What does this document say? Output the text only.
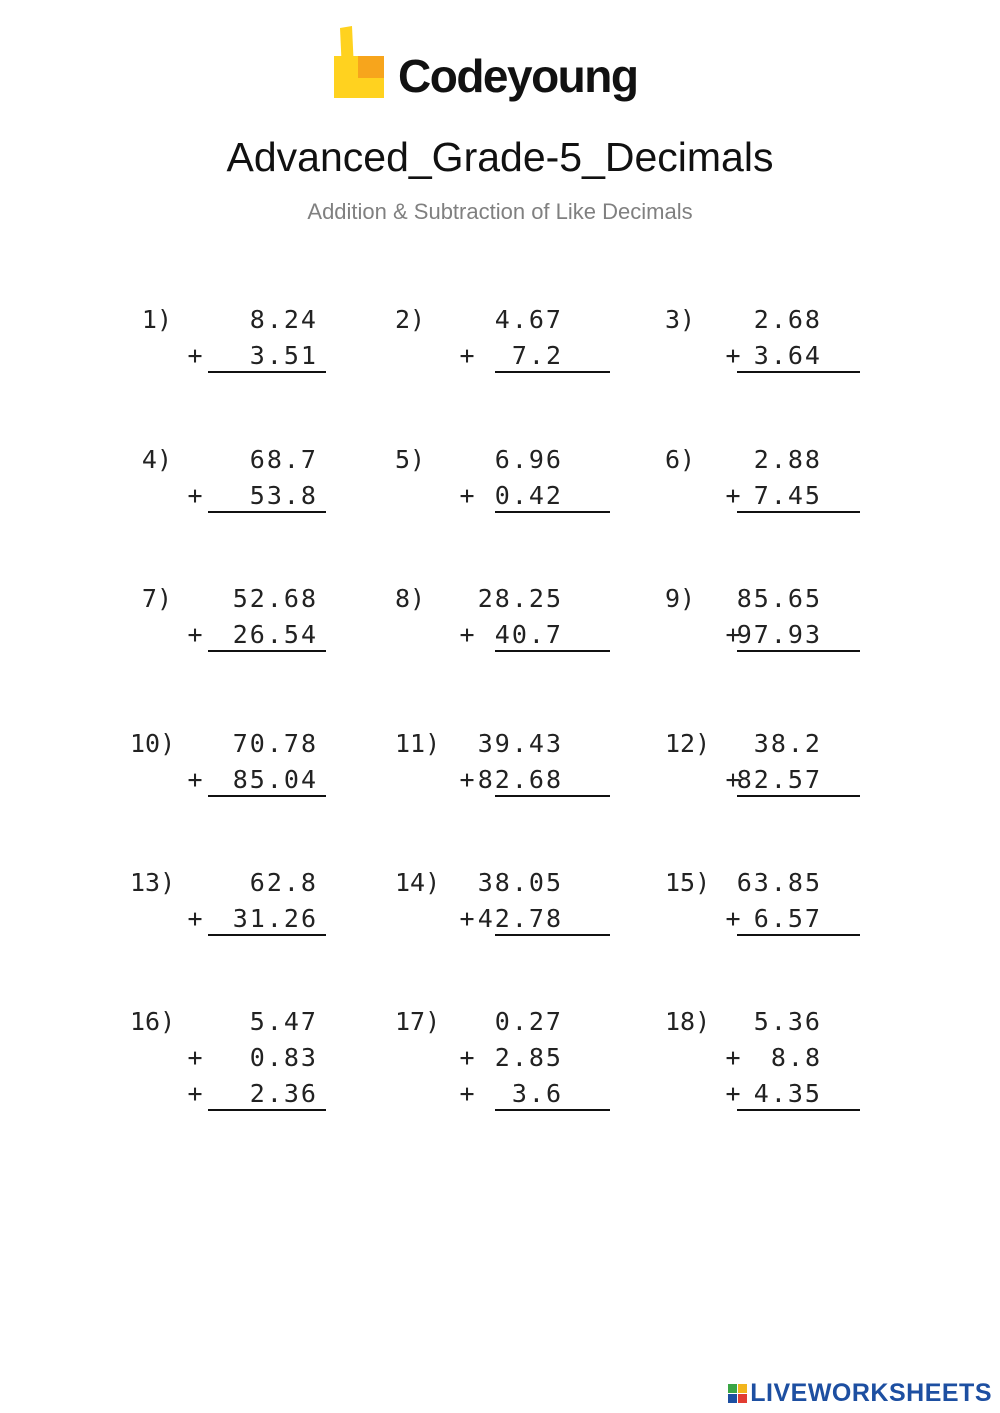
Codeyoung
Advanced_Grade-5_Decimals
Addition & Subtraction of Like Decimals
1)	8.24
3.51
+
2)	4.67
7.2
+
3)	2.68
3.64
+
4)	68.7
53.8
+
5)	6.96
0.42
+
6)	2.88
7.45
+
7)	52.68
26.54
+
8)	28.25
40.7
+
9)	85.65
97.93
+
10)	70.78
85.04
+
11)	39.43
82.68
+
12)	38.2
82.57
+
13)	62.8
31.26
+
14)	38.05
42.78
+
15)	63.85
6.57
+
16)	5.47
0.83
+
2.36
+
17)	0.27
2.85
+
3.6
+
18)	5.36
8.8
+
4.35
+
LIVEWORKSHEETS
